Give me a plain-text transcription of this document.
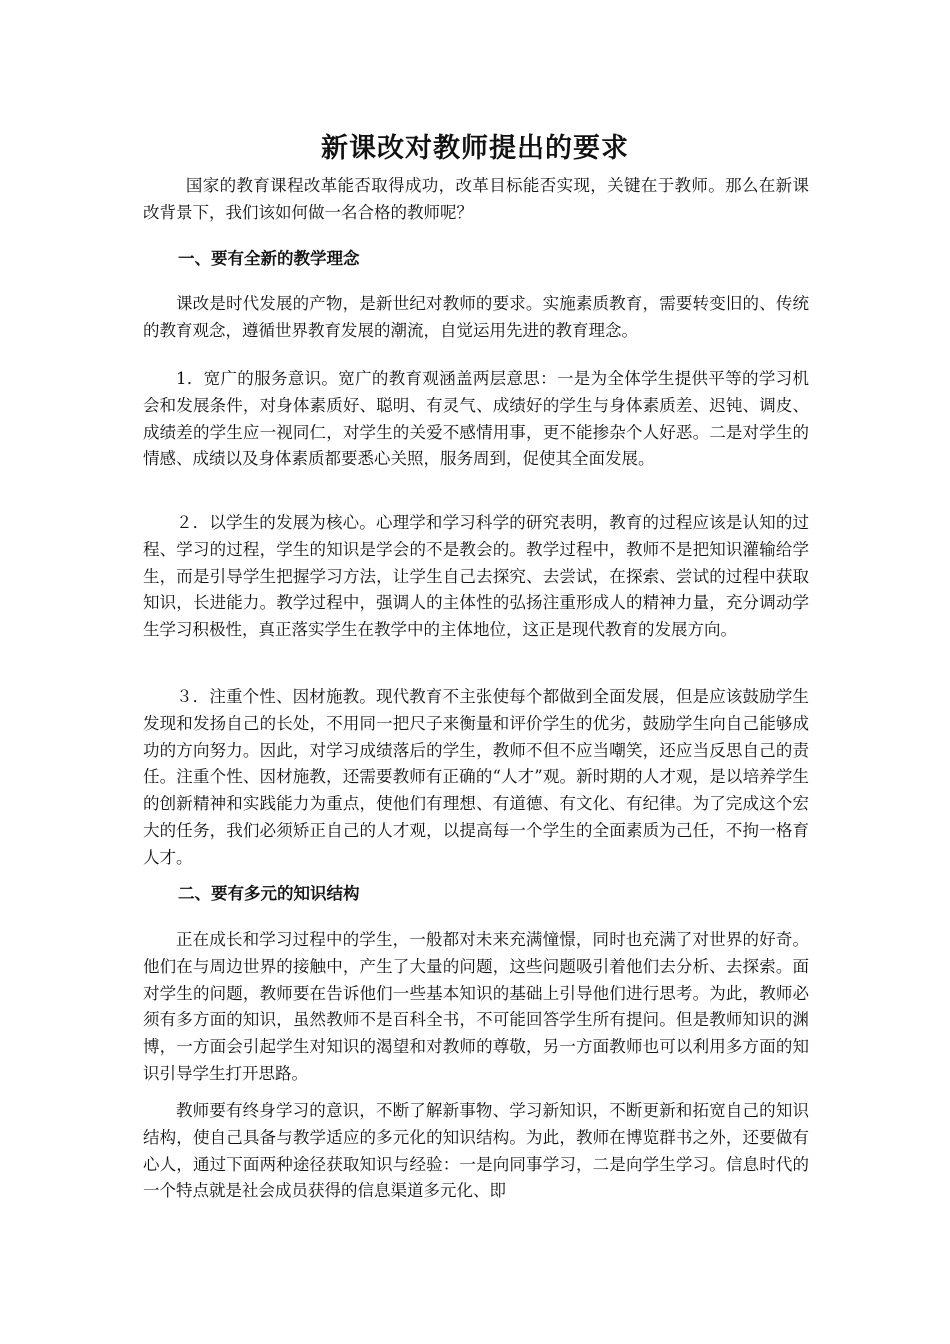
新课改对教师提出的要求

国家的教育课程改革能否取得成功，改革目标能否实现，关键在于教师。那么在新课改背景下，我们该如何做一名合格的教师呢？

一、要有全新的教学理念

课改是时代发展的产物，是新世纪对教师的要求。实施素质教育，需要转变旧的、传统的教育观念，遵循世界教育发展的潮流，自觉运用先进的教育理念。

1．宽广的服务意识。宽广的教育观涵盖两层意思：一是为全体学生提供平等的学习机会和发展条件，对身体素质好、聪明、有灵气、成绩好的学生与身体素质差、迟钝、调皮、成绩差的学生应一视同仁，对学生的关爱不感情用事，更不能掺杂个人好恶。二是对学生的情感、成绩以及身体素质都要悉心关照，服务周到，促使其全面发展。

２．以学生的发展为核心。心理学和学习科学的研究表明，教育的过程应该是认知的过程、学习的过程，学生的知识是学会的不是教会的。教学过程中，教师不是把知识灌输给学生，而是引导学生把握学习方法，让学生自己去探究、去尝试，在探索、尝试的过程中获取知识，长进能力。教学过程中，强调人的主体性的弘扬注重形成人的精神力量，充分调动学生学习积极性，真正落实学生在教学中的主体地位，这正是现代教育的发展方向。

３．注重个性、因材施教。现代教育不主张使每个都做到全面发展，但是应该鼓励学生发现和发扬自己的长处，不用同一把尺子来衡量和评价学生的优劣，鼓励学生向自己能够成功的方向努力。因此，对学习成绩落后的学生，教师不但不应当嘲笑，还应当反思自己的责任。注重个性、因材施教，还需要教师有正确的“人才”观。新时期的人才观，是以培养学生的创新精神和实践能力为重点，使他们有理想、有道德、有文化、有纪律。为了完成这个宏大的任务，我们必须矫正自己的人才观，以提高每一个学生的全面素质为己任，不拘一格育人才。

二、要有多元的知识结构

正在成长和学习过程中的学生，一般都对未来充满憧憬，同时也充满了对世界的好奇。他们在与周边世界的接触中，产生了大量的问题，这些问题吸引着他们去分析、去探索。面对学生的问题，教师要在告诉他们一些基本知识的基础上引导他们进行思考。为此，教师必须有多方面的知识，虽然教师不是百科全书，不可能回答学生所有提问。但是教师知识的渊博，一方面会引起学生对知识的渴望和对教师的尊敬，另一方面教师也可以利用多方面的知识引导学生打开思路。

教师要有终身学习的意识，不断了解新事物、学习新知识，不断更新和拓宽自己的知识结构，使自己具备与教学适应的多元化的知识结构。为此，教师在博览群书之外，还要做有心人，通过下面两种途径获取知识与经验：一是向同事学习，二是向学生学习。信息时代的一个特点就是社会成员获得的信息渠道多元化、即
